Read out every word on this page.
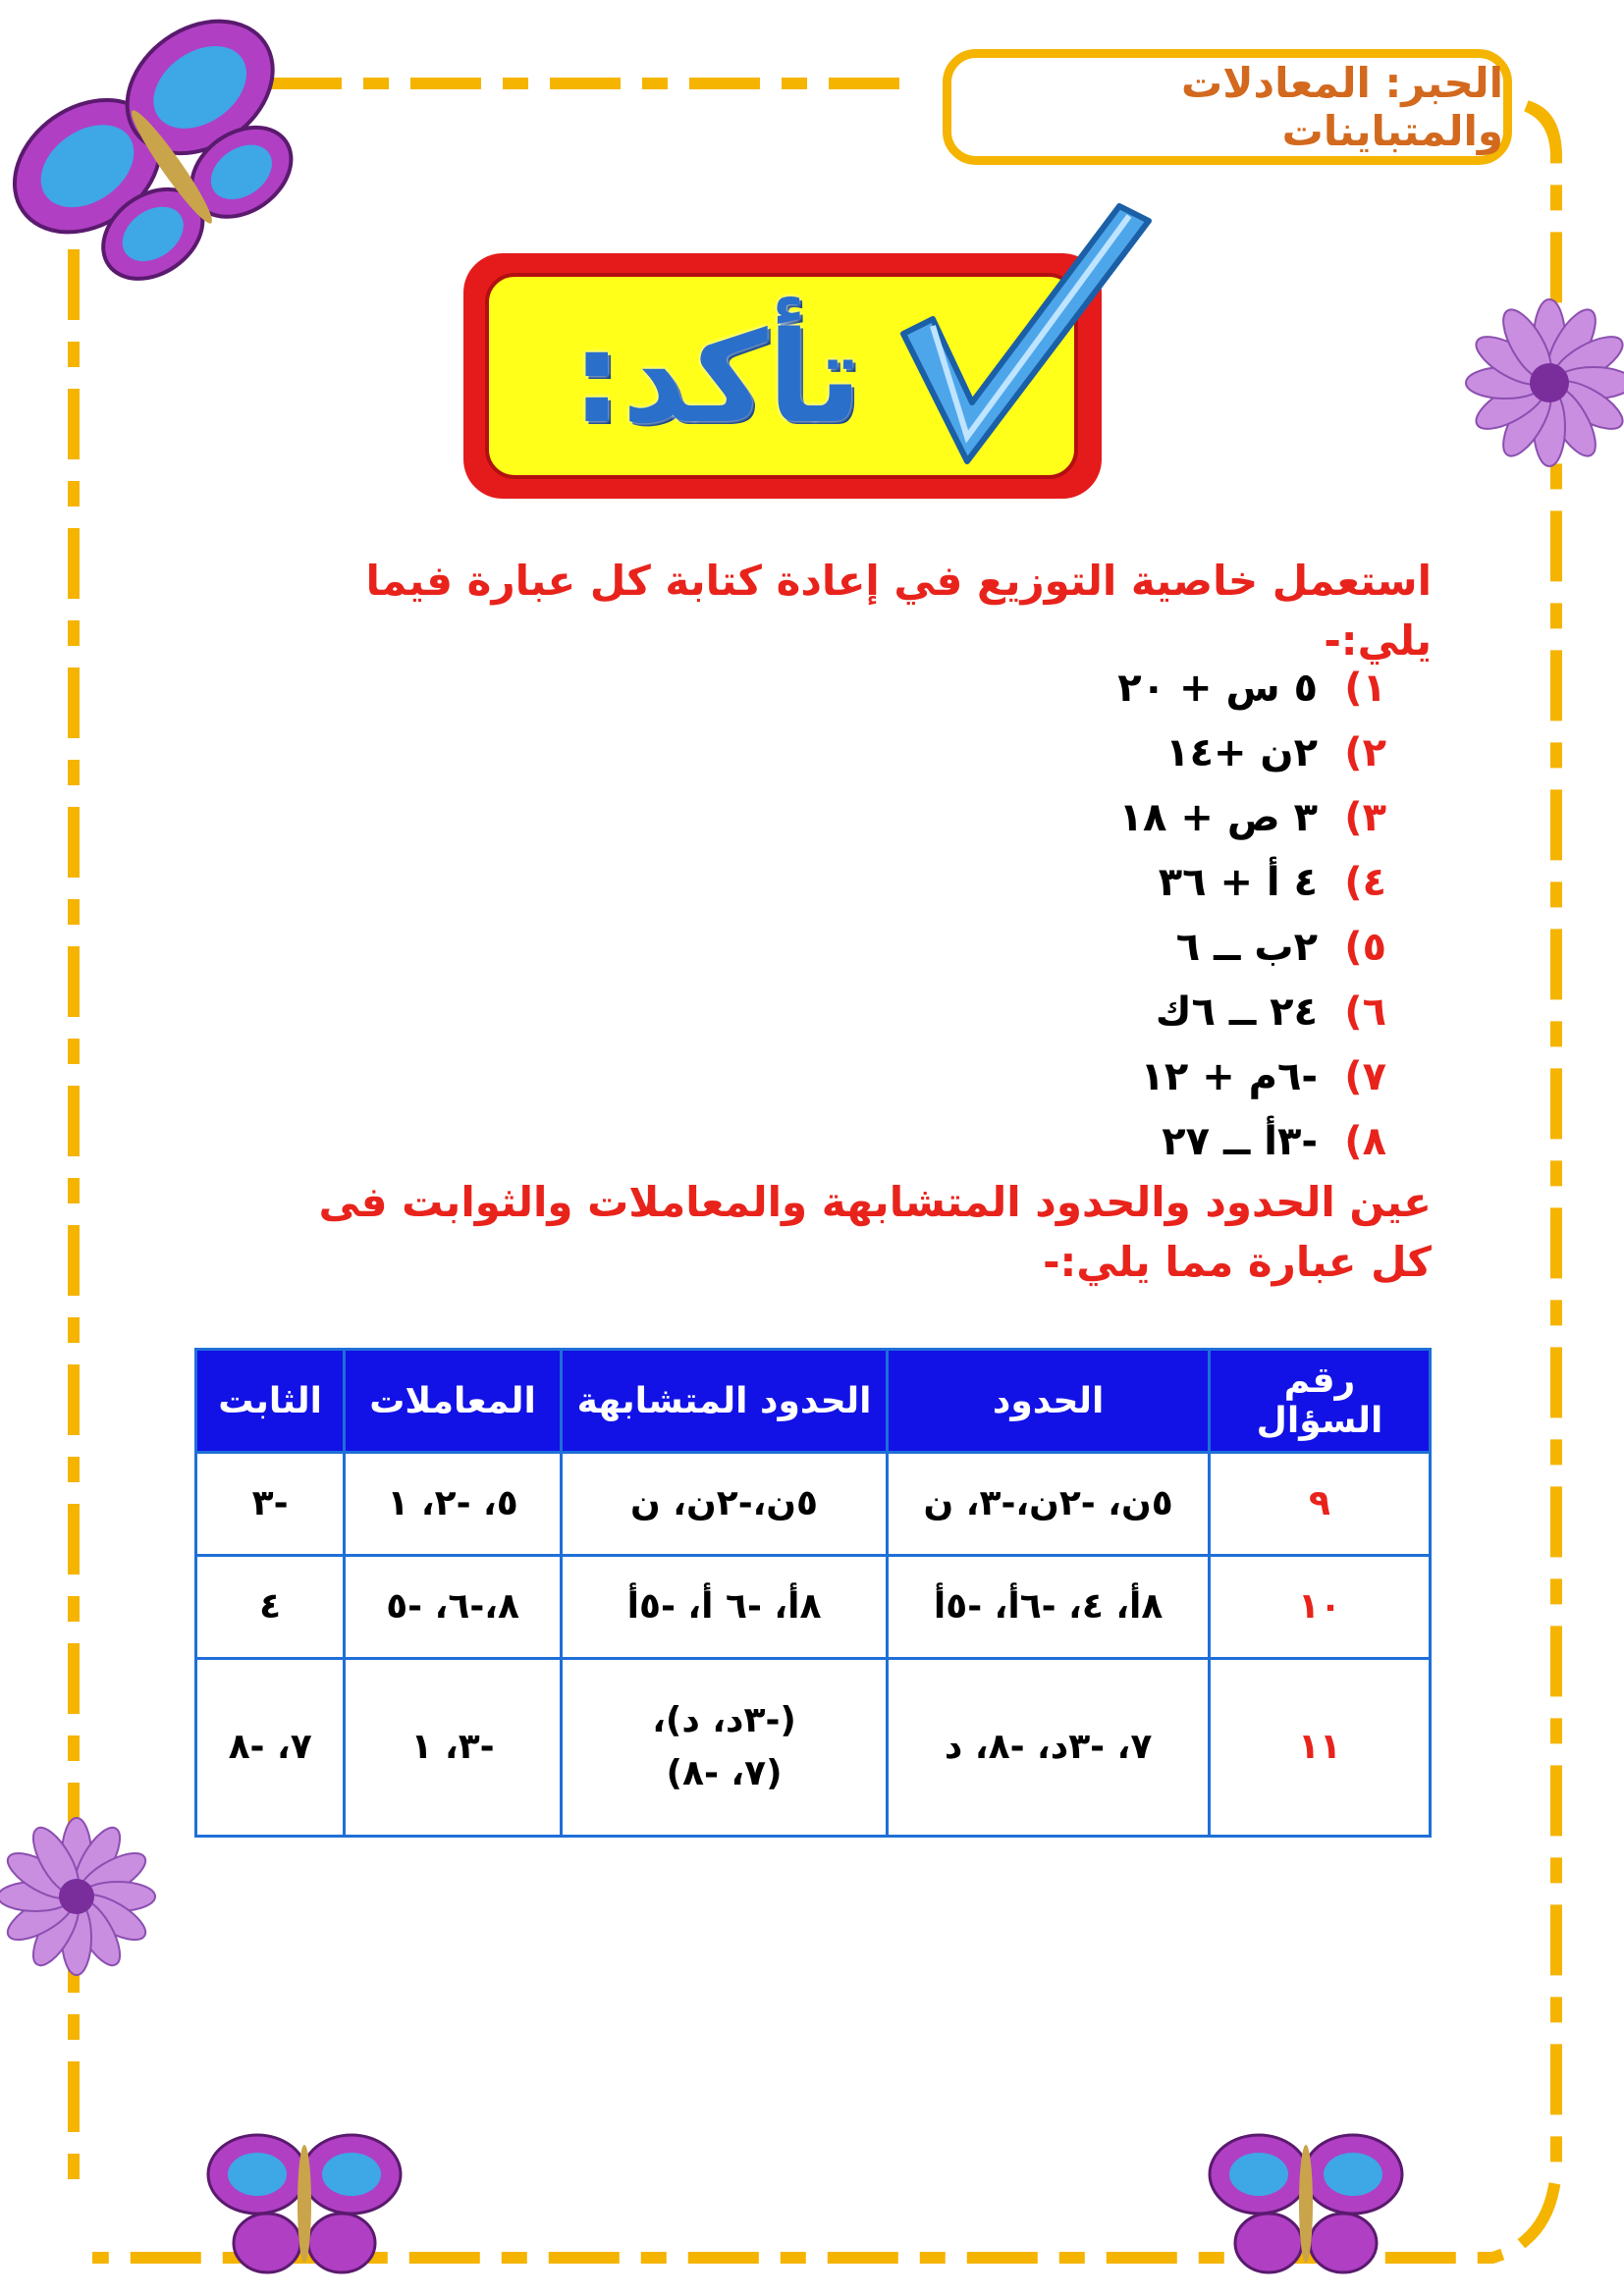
الحبر: المعادلات والمتباينات
تأكد:
استعمل خاصية التوزيع في إعادة كتابة كل عبارة فيما يلي:-
١)
٥ س + ٢٠
٢)
٢ن +١٤
٣)
٣ ص + ١٨
٤)
٤ أ + ٣٦
٥)
٢ب ــ ٦
٦)
٢٤ ــ ٦ك
٧)
-٦م + ١٢
٨)
-٣أ ــ ٢٧
عين الحدود والحدود المتشابهة والمعاملات والثوابت فى كل عبارة مما يلي:-
رقم السؤال	الحدود	الحدود المتشابهة	المعاملات	الثابت
٩	٥ن، -٢ن،-٣، ن	٥ن،-٢ن، ن	٥، -٢، ١	-٣
١٠	٨أ، ٤، -٦أ، -٥أ	٨أ، -٦ أ، -٥أ	٨،-٦، -٥	٤
١١	٧، -٣د، -٨، د	(-٣د، د)،
(٧، -٨)	-٣، ١	٧، -٨
